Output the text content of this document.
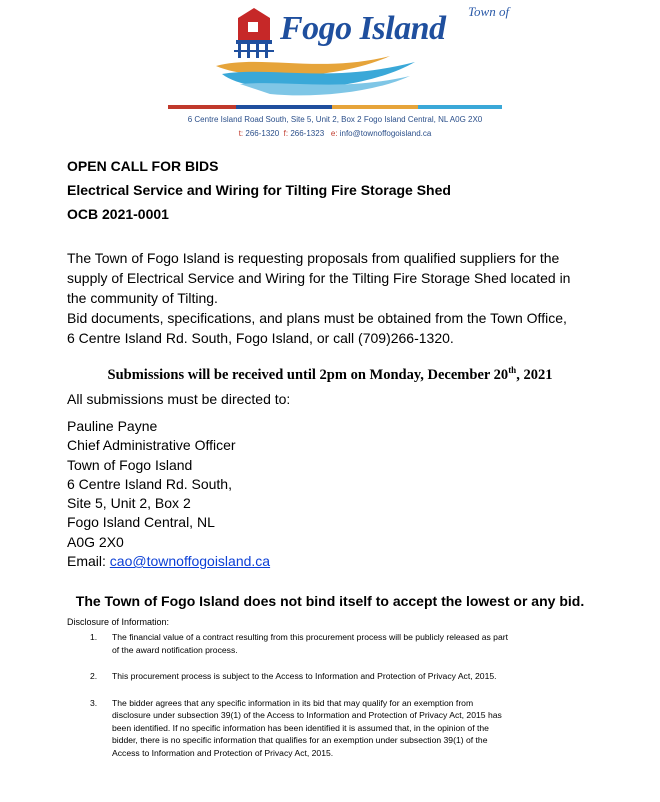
Town of
Fogo Island
6 Centre Island Road South, Site 5, Unit 2, Box 2 Fogo Island Central, NL A0G 2X0
t: 266-1320 f: 266-1323 e: info@townoffogoisland.ca
OPEN CALL FOR BIDS
Electrical Service and Wiring for Tilting Fire Storage Shed
OCB 2021-0001
The Town of Fogo Island is requesting proposals from qualified suppliers for the
supply of Electrical Service and Wiring for the Tilting Fire Storage Shed located in
the community of Tilting.
Bid documents, specifications, and plans must be obtained from the Town Office,
6 Centre Island Rd. South, Fogo Island, or call (709)266-1320.
Submissions will be received until 2pm on Monday, December 20th, 2021
All submissions must be directed to:
Pauline Payne
Chief Administrative Officer
Town of Fogo Island
6 Centre Island Rd. South,
Site 5, Unit 2, Box 2
Fogo Island Central, NL
A0G 2X0
Email: cao@townoffogoisland.ca
The Town of Fogo Island does not bind itself to accept the lowest or any bid.
Disclosure of Information:
1. The financial value of a contract resulting from this procurement process will be publicly released as part
of the award notification process.
2. This procurement process is subject to the Access to Information and Protection of Privacy Act, 2015.
3. The bidder agrees that any specific information in its bid that may qualify for an exemption from
disclosure under subsection 39(1) of the Access to Information and Protection of Privacy Act, 2015 has
been identified. If no specific information has been identified it is assumed that, in the opinion of the
bidder, there is no specific information that qualifies for an exemption under subsection 39(1) of the
Access to Information and Protection of Privacy Act, 2015.
